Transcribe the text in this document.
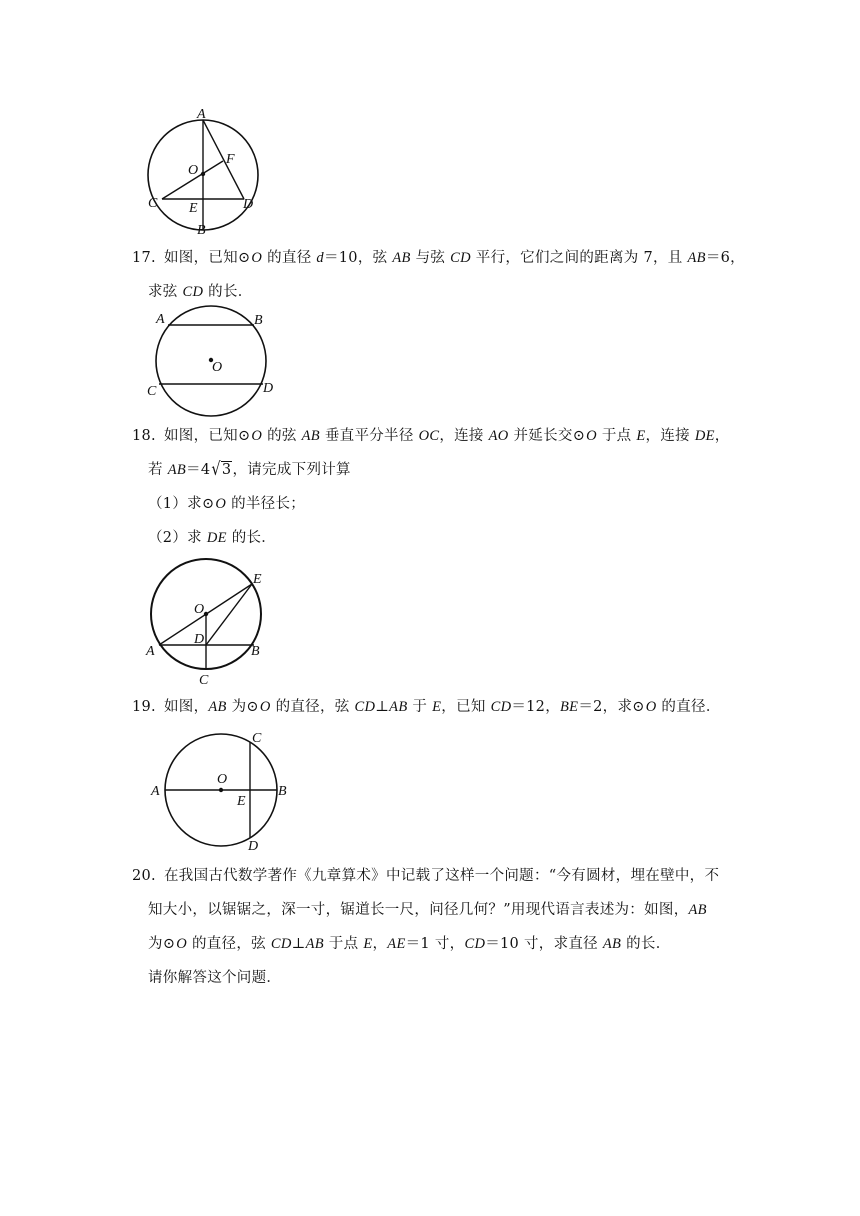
A
O
F
C E	D
B
17. 如图，已知⊙O 的直径 d＝10，弦 AB 与弦 CD 平行，它们之间的距离为 7，且 AB＝6，
求弦 CD 的长．
A	B
O
C	D
18. 如图，已知⊙O 的弦 AB 垂直平分半径 OC，连接 AO 并延长交⊙O 于点 E，连接 DE，
若 AB＝4√3，请完成下列计算
（1）求⊙O 的半径长；
（2）求 DE 的长．
E
O
D
A	B
C
19. 如图，AB 为⊙O 的直径，弦 CD⊥AB 于 E，已知 CD＝12，BE＝2，求⊙O 的直径．
C
O
A
E
B
D
20. 在我国古代数学著作《九章算术》中记载了这样一个问题：“今有圆材，埋在壁中，不
知大小，以锯锯之，深一寸，锯道长一尺，问径几何？”用现代语言表述为：如图，AB
为⊙O 的直径，弦 CD⊥AB 于点 E，AE＝1 寸，CD＝10 寸，求直径 AB 的长．
请你解答这个问题．
